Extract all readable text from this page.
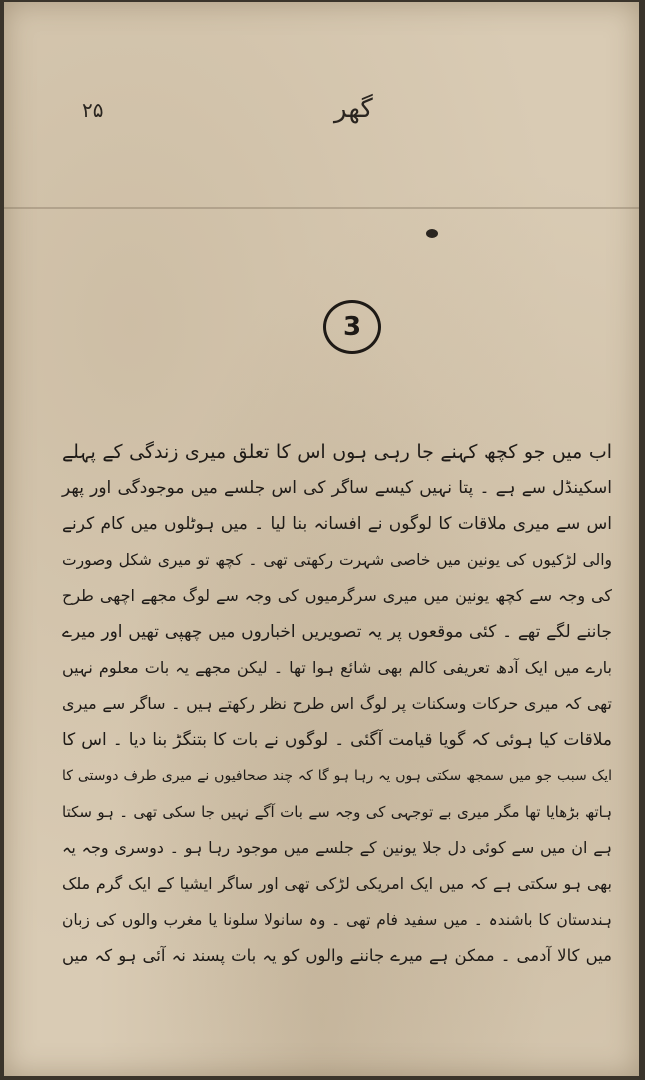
۲۵	گھر
3
اب میں جو کچھ کہنے جا رہی ہوں اس کا تعلق میری زندگی کے پہلے
اسکینڈل سے ہے ۔ پتا نہیں کیسے ساگر کی اس جلسے میں موجودگی اور پھر
اس سے میری ملاقات کا لوگوں نے افسانہ بنا لیا ۔ میں ہوٹلوں میں کام کرنے
والی لڑکیوں کی یونین میں خاصی شہرت رکھتی تھی ۔ کچھ تو میری شکل وصورت
کی وجہ سے کچھ یونین میں میری سرگرمیوں کی وجہ سے لوگ مجھے اچھی طرح
جاننے لگے تھے ۔ کئی موقعوں پر یہ تصویریں اخباروں میں چھپی تھیں اور میرے
بارے میں ایک آدھ تعریفی کالم بھی شائع ہوا تھا ۔ لیکن مجھے یہ بات معلوم نہیں
تھی کہ میری حرکات وسکنات پر لوگ اس طرح نظر رکھتے ہیں ۔ ساگر سے میری
ملاقات کیا ہوئی کہ گویا قیامت آگئی ۔ لوگوں نے بات کا بتنگڑ بنا دیا ۔ اس کا
ایک سبب جو میں سمجھ سکتی ہوں یہ رہا ہو گا کہ چند صحافیوں نے میری طرف دوستی کا
ہاتھ بڑھایا تھا مگر میری بے توجہی کی وجہ سے بات آگے نہیں جا سکی تھی ۔ ہو سکتا
ہے ان میں سے کوئی دل جلا یونین کے جلسے میں موجود رہا ہو ۔ دوسری وجہ یہ
بھی ہو سکتی ہے کہ میں ایک امریکی لڑکی تھی اور ساگر ایشیا کے ایک گرم ملک
ہندستان کا باشندہ ۔ میں سفید فام تھی ۔ وہ سانولا سلونا یا مغرب والوں کی زبان
میں کالا آدمی ۔ ممکن ہے میرے جاننے والوں کو یہ بات پسند نہ آئی ہو کہ میں
